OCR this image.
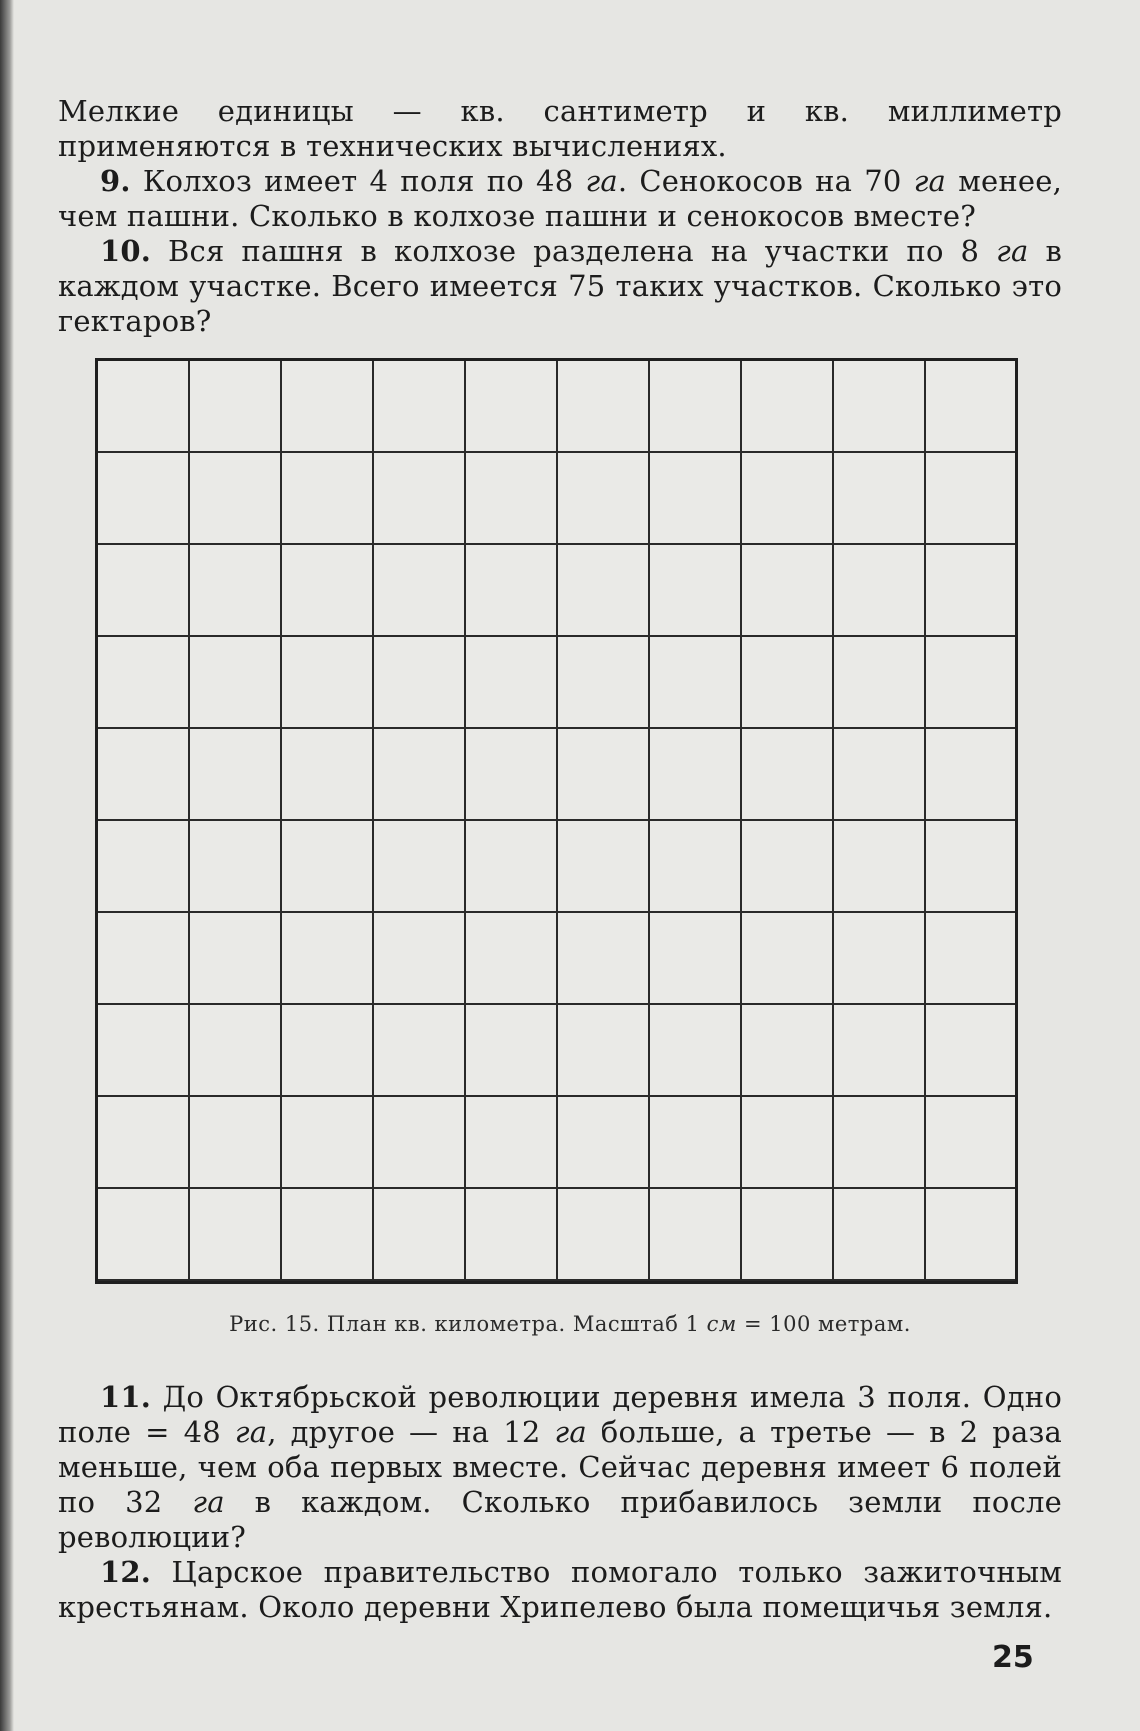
Мелкие единицы — кв. сантиметр и кв. миллиметр применяются в технических вычислениях.

9. Колхоз имеет 4 поля по 48 га. Сенокосов на 70 га менее, чем пашни. Сколько в колхозе пашни и сенокосов вместе?

10. Вся пашня в колхозе разделена на участки по 8 га в каждом участке. Всего имеется 75 таких участков. Сколько это гектаров?

Рис. 15. План кв. километра. Масштаб 1 см = 100 метрам.

11. До Октябрьской революции деревня имела 3 поля. Одно поле = 48 га, другое — на 12 га больше, а третье — в 2 раза меньше, чем оба первых вместе. Сейчас деревня имеет 6 полей по 32 га в каждом. Сколько прибавилось земли после революции?

12. Царское правительство помогало только зажиточным крестьянам. Около деревни Хрипелево была помещичья земля.

25
